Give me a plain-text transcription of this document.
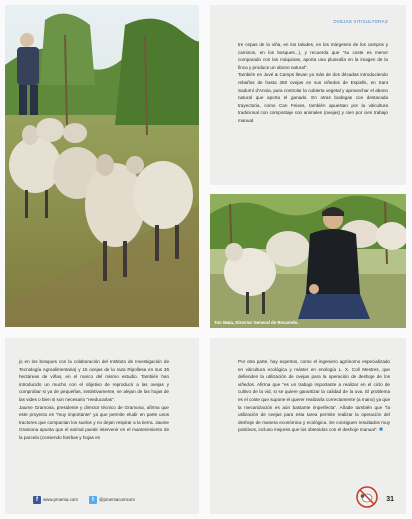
OVEJAS VITICULTORAS

tre cepas de la viña, en los taludes, en los márgenes de los campos y caminos, en los bosques...), y recuerda que "su coste es menor comparado con las máquinas, aporta una plusvalía en la imagen de la finca y produce un abono natural".

También en Juvé & Camps llevan ya más de dos décadas introduciendo rebaños de hasta 350 ovejas en sus viñedos de Espiells, en Sant Sadurní d'Anoia, para controlar la cubierta vegetal y aprovechar el abono natural que aporta el ganado. En otras bodegas con destacada trayectoria, como Can Feixes, también apuestan por la viticultura tradicional con compostaje con animales (ovejas) y cien por cien trabajo manual.

Ton Mata, Director General de Recaredo.

jo en los bosques con la colaboración del Instituto de Investigación de Tecnología Agroalimentaria) y 15 ovejas de la raza Ripollesa en sus 36 hectáreas de viñas, en el marco del mismo estudio. También han introducido un mucho con el objetivo de reproducir a las ovejas y comprobar si ya de pequeñas, instintivamente, se alejan de las hojas de las vides o bien si son necesario "reeducarlas".

Jaume Gramona, presidente y director técnico de Gramona, afirma que este proyecto es "muy importante" ya que permite eludir en parte unos tractores que compactan los suelos y no dejan respirar a la tierra. Jaume Gramona apunta que el animal puede intervenir en el mantenimiento de la parcela (comiendo hierbas y hojas en

f www.proema.com	t @proemacomcom

Por otra parte, hay expertos, como el ingeniero agrónomo especializado en viticultura ecológica y máster en enología L. X. Coll Mestres, que defienden la utilización de ovejas para la operación de deshoje de los viñedos. Afirma que "es un trabajo importante a realizar en el ciclo de cultivo de la vid, si se quiere garantizar la calidad de la uva. El problema es el coste que supone el querer realizarla correctamente (a mano) ya que la mecanización es aún bastante imperfecta". Añade también que "la utilización de ovejas para esta tarea permite realizar la operación del deshoje de manera económica y ecológica. Se consiguen resultados muy positivos, incluso mejores que los obtenidos con el deshoje manual". ■

31
